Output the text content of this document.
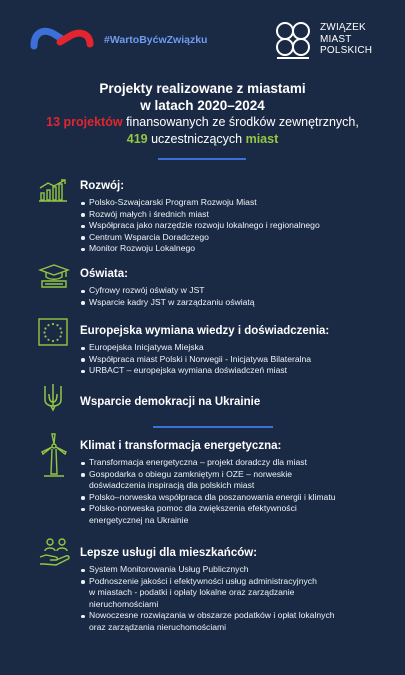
#WartoByćwZwiązku
ZWIĄZEK
MIAST
POLSKICH
Projekty realizowane z miastami
w latach 2020–2024
13 projektów finansowanych ze środków zewnętrznych,
419 uczestniczących miast
Rozwój:
Polsko-Szwajcarski Program Rozwoju Miast
Rozwój małych i średnich miast
Współpraca jako narzędzie rozwoju lokalnego i regionalnego
Centrum Wsparcia Doradczego
Monitor Rozwoju Lokalnego
Oświata:
Cyfrowy rozwój oświaty w JST
Wsparcie kadry JST w zarządzaniu oświatą
Europejska wymiana wiedzy i doświadczenia:
Europejska Inicjatywa Miejska
Współpraca miast Polski i Norwegii - Inicjatywa Bilateralna
URBACT – europejska wymiana doświadczeń miast
Wsparcie demokracji na Ukrainie
Klimat i transformacja energetyczna:
Transformacja energetyczna – projekt doradczy dla miast
Gospodarka o obiegu zamkniętym i OZE – norweskie
doświadczenia inspiracją dla polskich miast
Polsko–norweska współpraca dla poszanowania energii i klimatu
Polsko-norweska pomoc dla zwiększenia efektywności
energetycznej na Ukrainie
Lepsze usługi dla mieszkańców:
System Monitorowania Usług Publicznych
Podnoszenie jakości i efektywności usług administracyjnych
w miastach - podatki i opłaty lokalne oraz zarządzanie
nieruchomościami
Nowoczesne rozwiązania w obszarze podatków i opłat lokalnych
oraz zarządzania nieruchomościami
